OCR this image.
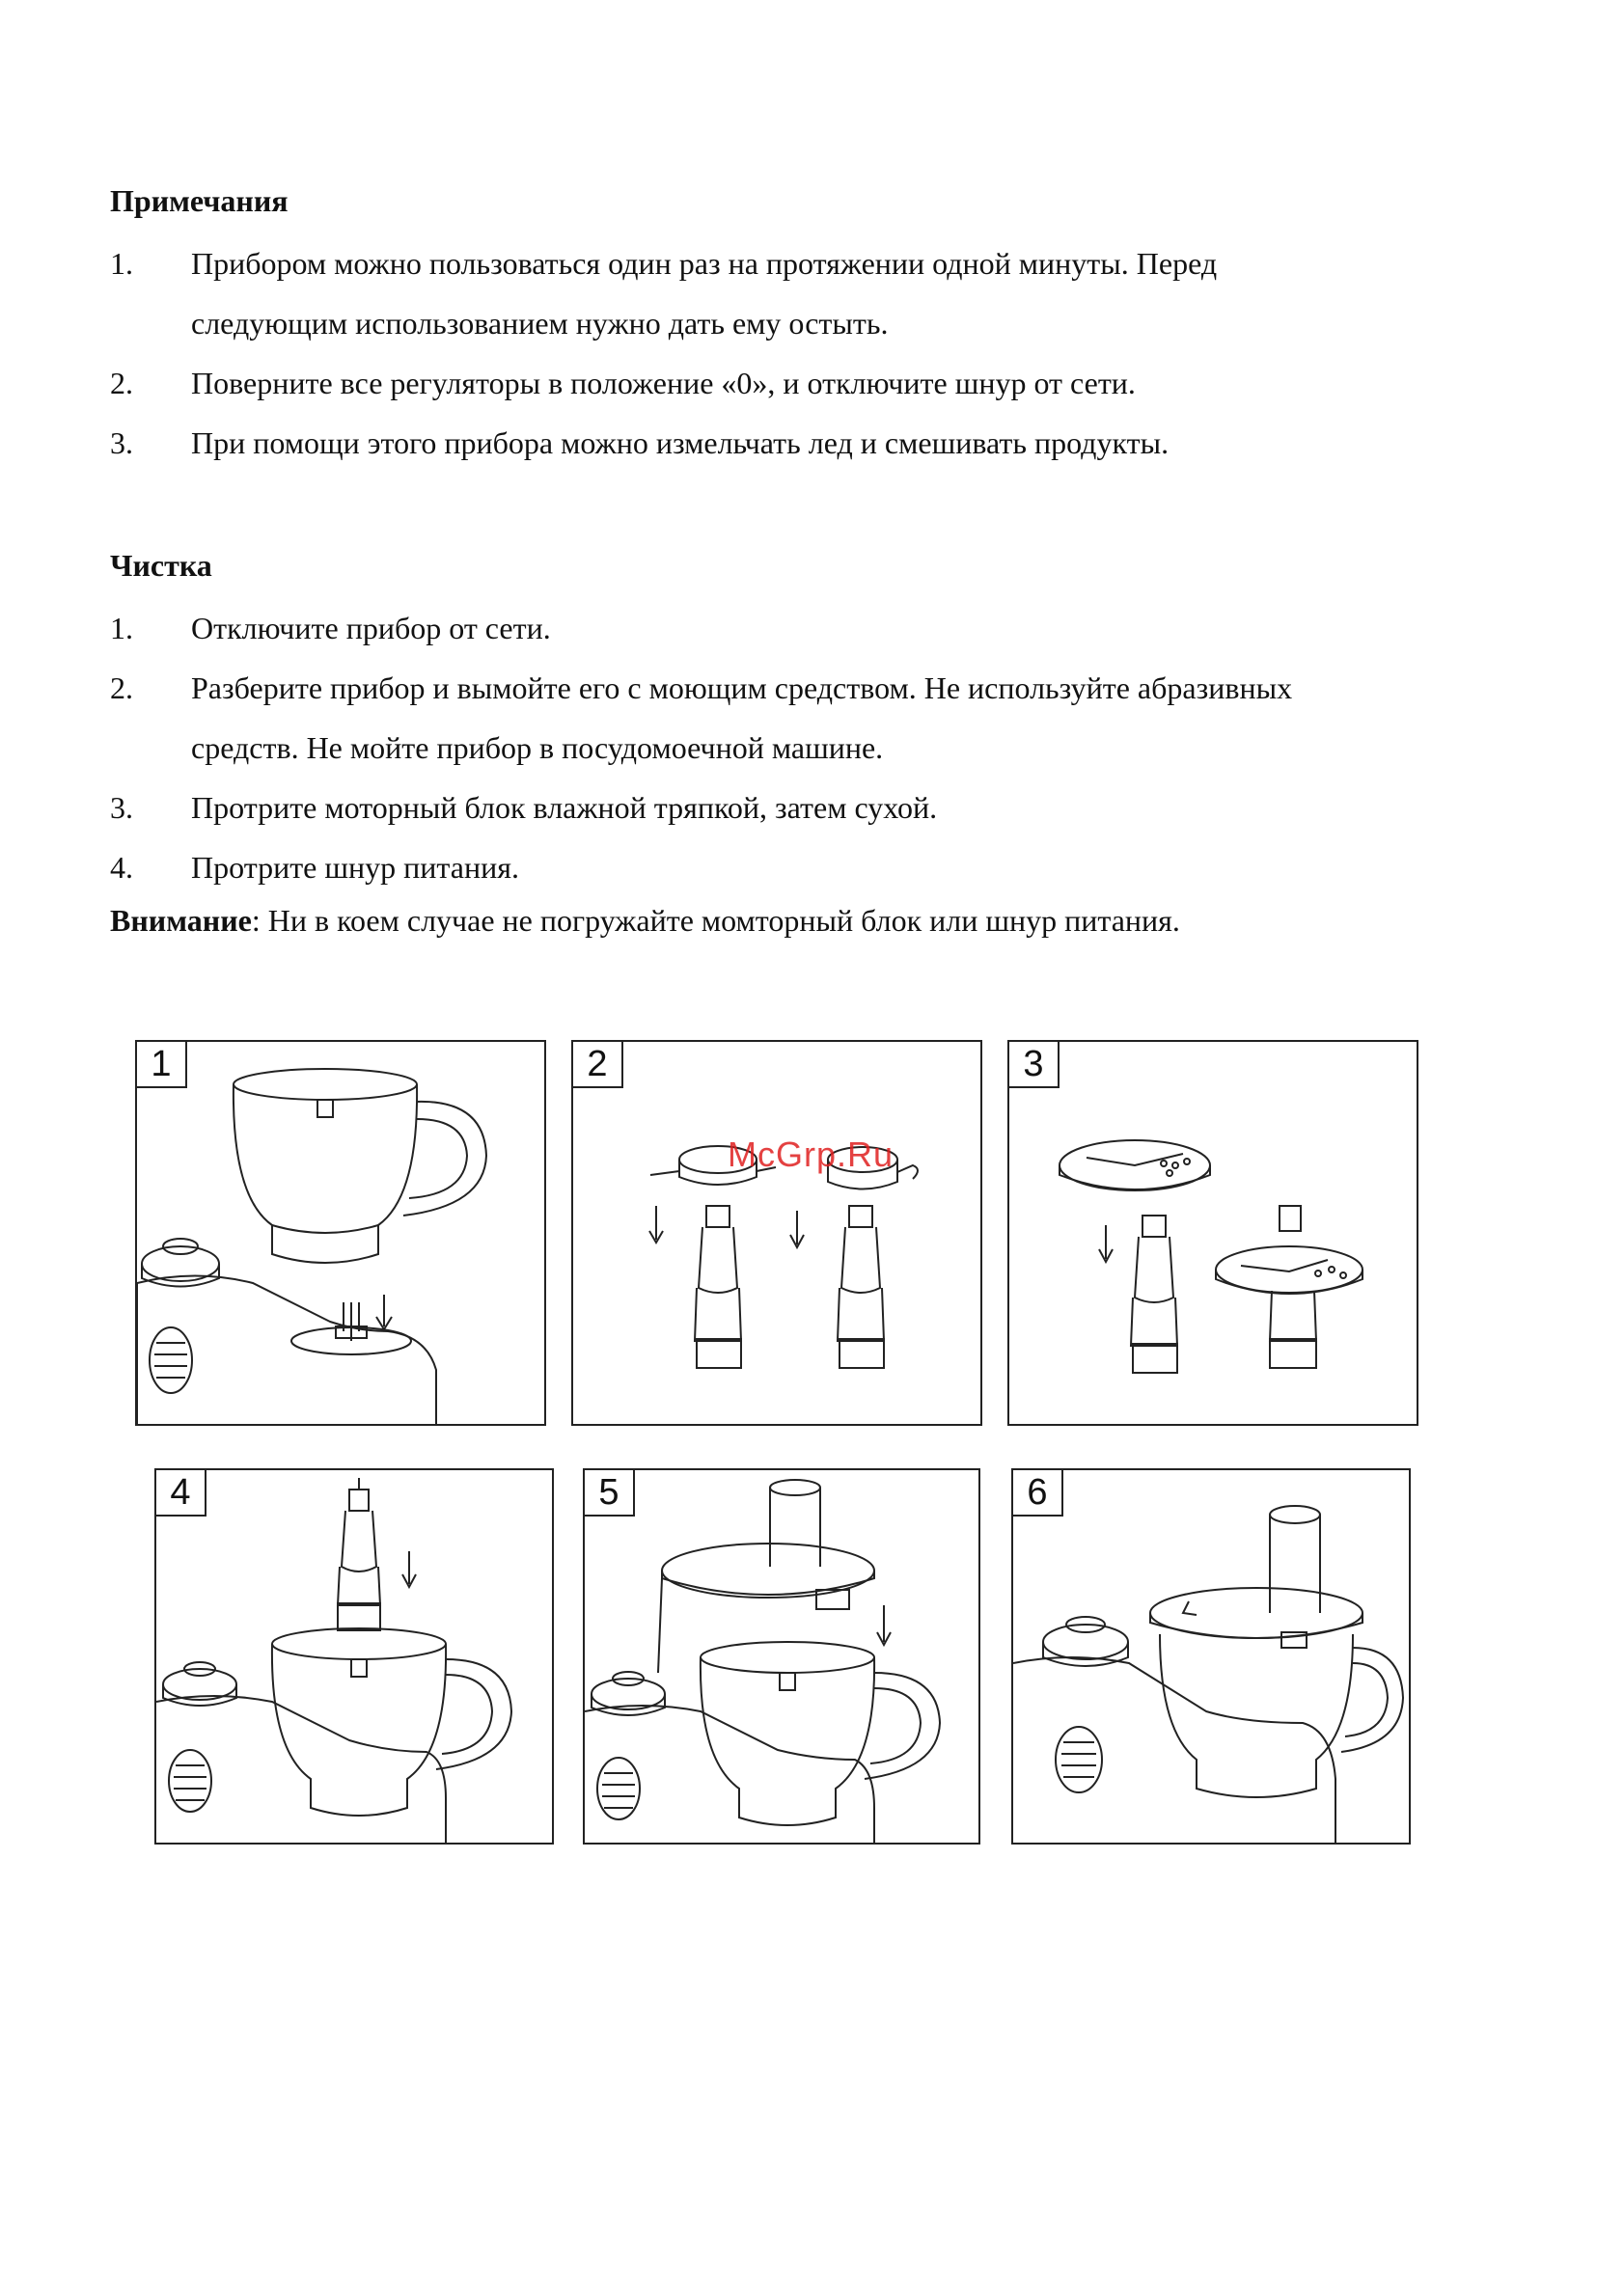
Примечания
1. Прибором можно пользоваться один раз на протяжении одной минуты. Перед
следующим использованием нужно дать ему остыть.
2. Поверните все регуляторы в положение «0», и отключите шнур от сети.
3. При помощи этого прибора можно измельчать лед и смешивать продукты.
Чистка
1. Отключите прибор от сети.
2. Разберите прибор и вымойте его с моющим средством. Не используйте абразивных
средств. Не мойте прибор в посудомоечной машине.
3. Протрите моторный блок влажной тряпкой, затем сухой.
4. Протрите шнур питания.
Внимание: Ни в коем случае не погружайте момторный блок или шнур питания.
1	2	3
4	5	6
McGrp.Ru
